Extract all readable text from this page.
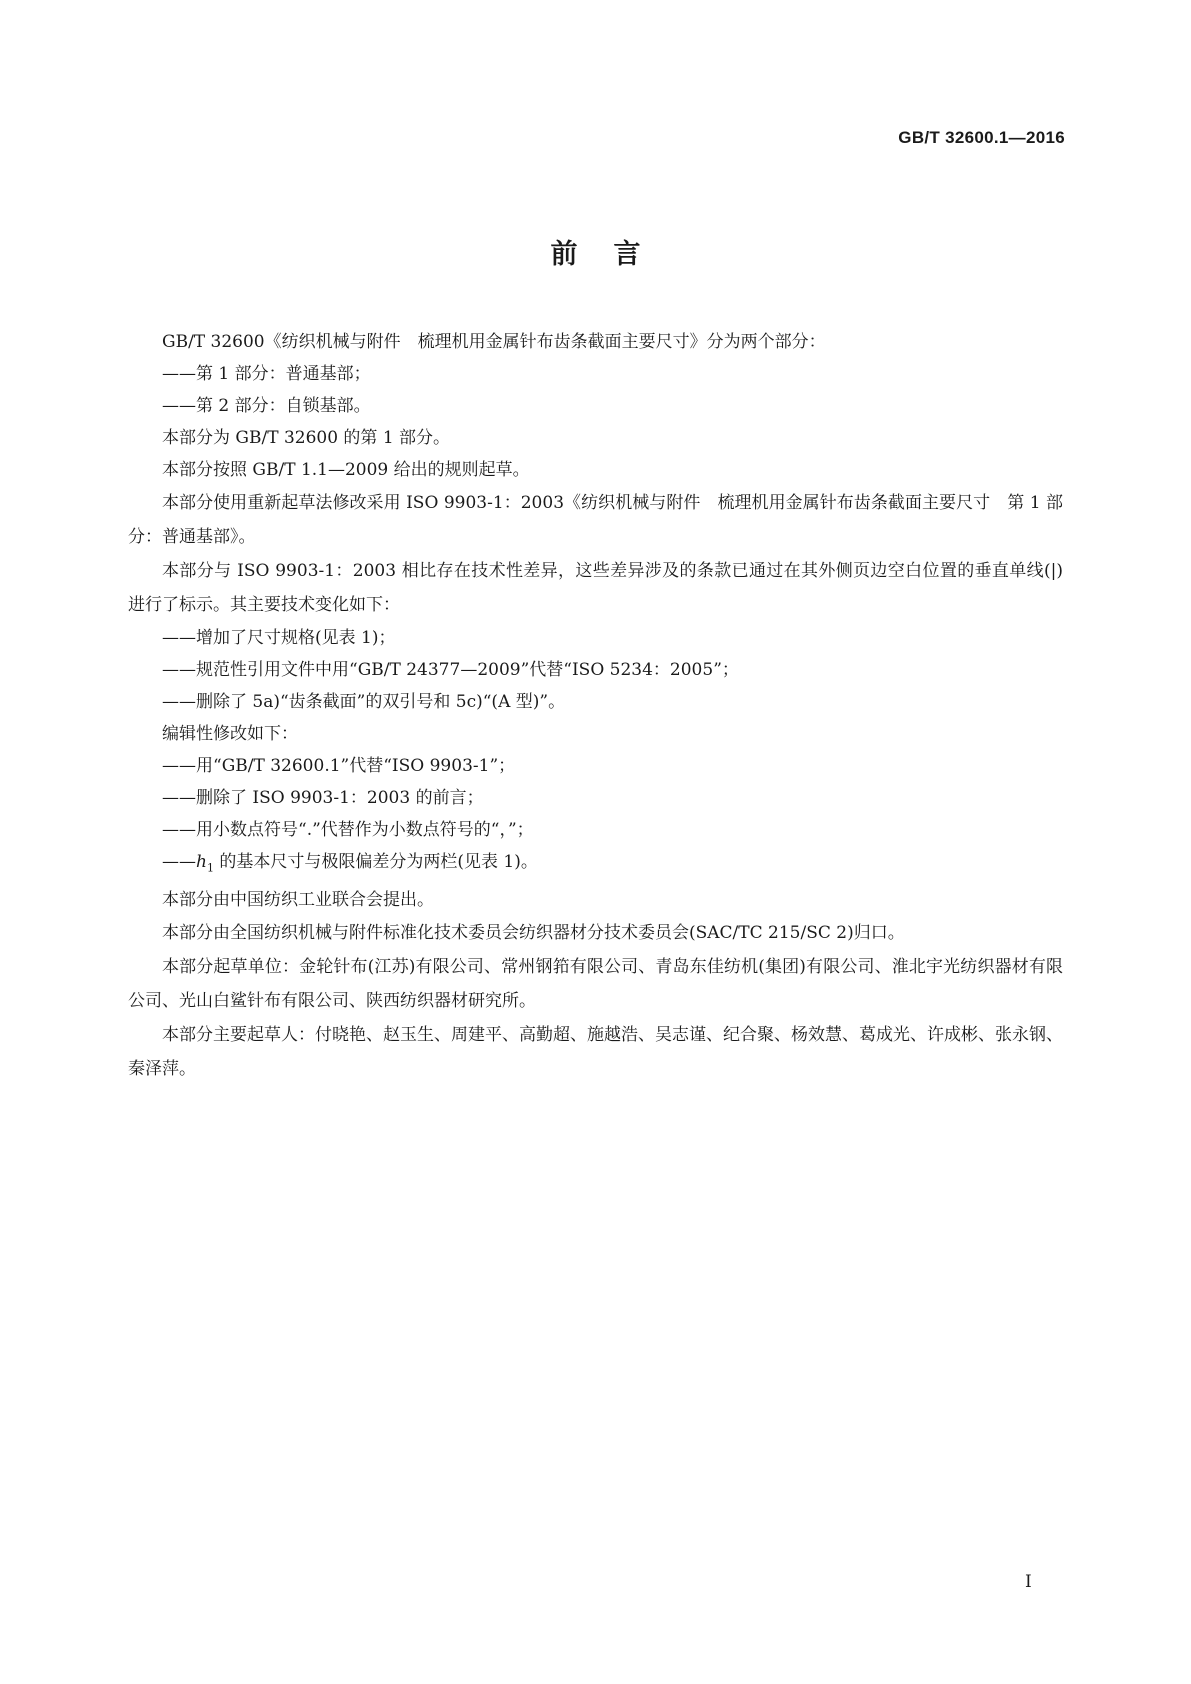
GB/T 32600.1—2016
前言

GB/T 32600《纺织机械与附件　梳理机用金属针布齿条截面主要尺寸》分为两个部分：

——第 1 部分：普通基部；

——第 2 部分：自锁基部。

本部分为 GB/T 32600 的第 1 部分。

本部分按照 GB/T 1.1—2009 给出的规则起草。

本部分使用重新起草法修改采用 ISO 9903-1：2003《纺织机械与附件　梳理机用金属针布齿条截面主要尺寸　第 1 部分：普通基部》。

本部分与 ISO 9903-1：2003 相比存在技术性差异，这些差异涉及的条款已通过在其外侧页边空白位置的垂直单线(|)进行了标示。其主要技术变化如下：

——增加了尺寸规格(见表 1)；

——规范性引用文件中用“GB/T 24377—2009”代替“ISO 5234：2005”；

——删除了 5a)“齿条截面”的双引号和 5c)“(A 型)”。

编辑性修改如下：

——用“GB/T 32600.1”代替“ISO 9903-1”；

——删除了 ISO 9903-1：2003 的前言；

——用小数点符号“.”代替作为小数点符号的“，”；

$——h_1$ 的基本尺寸与极限偏差分为两栏(见表 1)。

本部分由中国纺织工业联合会提出。

本部分由全国纺织机械与附件标准化技术委员会纺织器材分技术委员会(SAC/TC 215/SC 2)归口。

本部分起草单位：金轮针布(江苏)有限公司、常州钢筘有限公司、青岛东佳纺机(集团)有限公司、淮北宇光纺织器材有限公司、光山白鲨针布有限公司、陕西纺织器材研究所。

本部分主要起草人：付晓艳、赵玉生、周建平、高勤超、施越浩、吴志谨、纪合聚、杨效慧、葛成光、许成彬、张永钢、秦泽萍。

I
